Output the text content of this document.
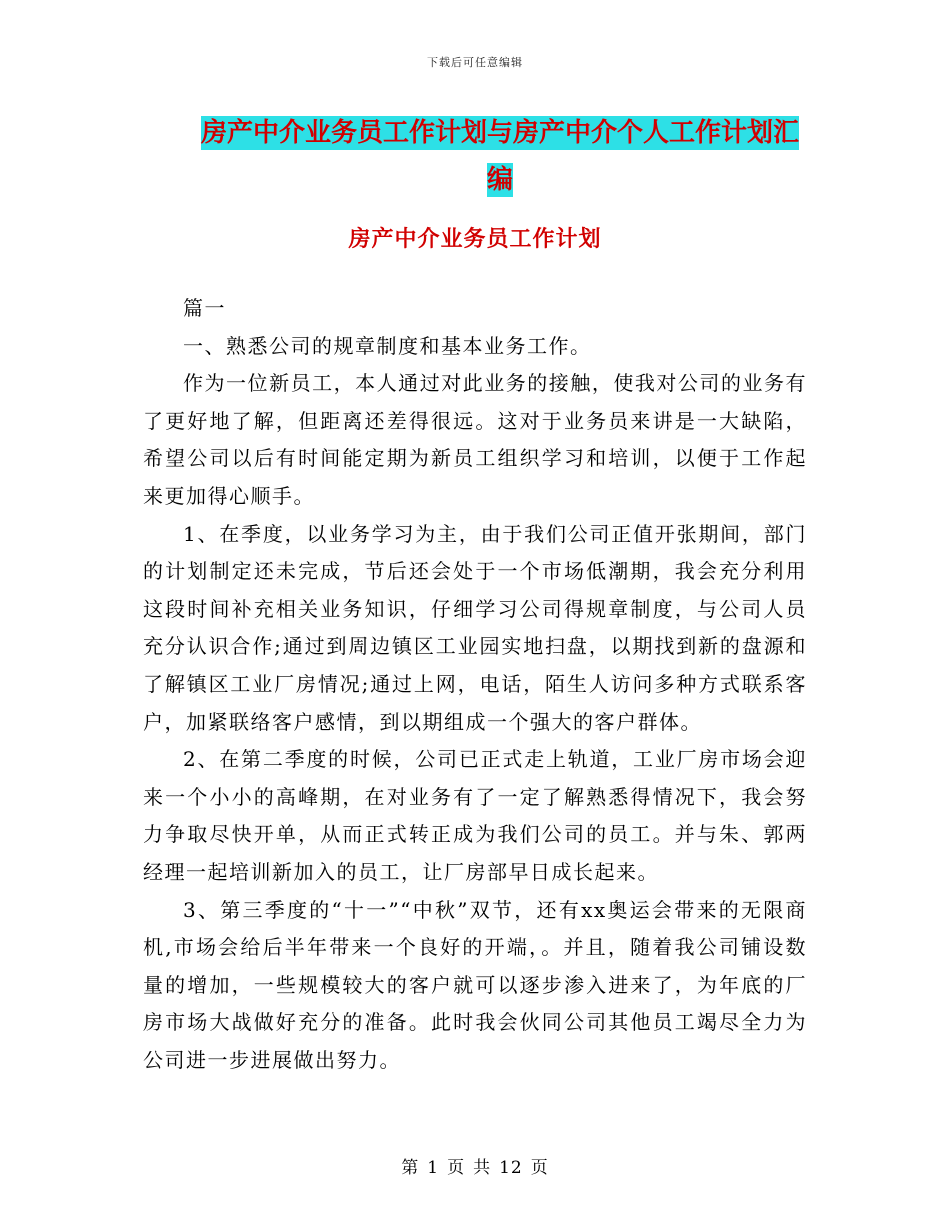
下载后可任意编辑
房产中介业务员工作计划与房产中介个人工作计划汇
编
房产中介业务员工作计划

篇一

一、熟悉公司的规章制度和基本业务工作。

作为一位新员工，本人通过对此业务的接触，使我对公司的业务有了更好地了解，但距离还差得很远。这对于业务员来讲是一大缺陷，希望公司以后有时间能定期为新员工组织学习和培训，以便于工作起来更加得心顺手。

1、在季度，以业务学习为主，由于我们公司正值开张期间，部门的计划制定还未完成，节后还会处于一个市场低潮期，我会充分利用这段时间补充相关业务知识，仔细学习公司得规章制度，与公司人员充分认识合作;通过到周边镇区工业园实地扫盘，以期找到新的盘源和了解镇区工业厂房情况;通过上网，电话，陌生人访问多种方式联系客户，加紧联络客户感情，到以期组成一个强大的客户群体。

2、在第二季度的时候，公司已正式走上轨道，工业厂房市场会迎来一个小小的高峰期，在对业务有了一定了解熟悉得情况下，我会努力争取尽快开单，从而正式转正成为我们公司的员工。并与朱、郭两经理一起培训新加入的员工，让厂房部早日成长起来。

3、第三季度的“十一”“中秋”双节，还有xx奥运会带来的无限商机,市场会给后半年带来一个良好的开端，。并且，随着我公司铺设数量的增加，一些规模较大的客户就可以逐步渗入进来了，为年底的厂房市场大战做好充分的准备。此时我会伙同公司其他员工竭尽全力为公司进一步进展做出努力。

第 1 页 共 12 页
